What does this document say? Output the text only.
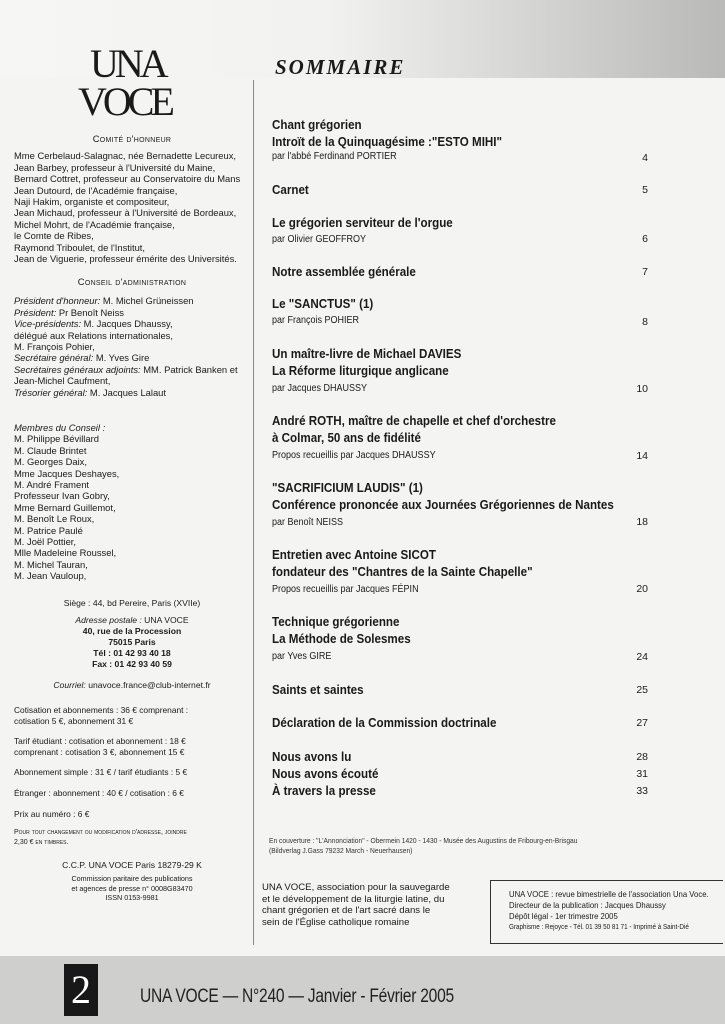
UNA
VOCE
SOMMAIRE
Comité d'honneur
Mme Cerbelaud-Salagnac, née Bernadette Lecureux,
Jean Barbey, professeur à l'Université du Maine,
Bernard Cottret, professeur au Conservatoire du Mans
Jean Dutourd, de l'Académie française,
Naji Hakim, organiste et compositeur,
Jean Michaud, professeur à l'Université de Bordeaux,
Michel Mohrt, de l'Académie française,
le Comte de Ribes,
Raymond Triboulet, de l'Institut,
Jean de Viguerie, professeur émérite des Universités.
Conseil d'administration
Président d'honneur: M. Michel Grüneissen
Président: Pr Benoît Neiss
Vice-présidents: M. Jacques Dhaussy,
délégué aux Relations internationales,
M. François Pohier,
Secrétaire général: M. Yves Gire
Secrétaires généraux adjoints: MM. Patrick Banken et
Jean-Michel Caufment,
Trésorier général: M. Jacques Lalaut
Membres du Conseil :
M. Philippe Bévillard
M. Claude Brintet
M. Georges Daix,
Mme Jacques Deshayes,
M. André Frament
Professeur Ivan Gobry,
Mme Bernard Guillemot,
M. Benoît Le Roux,
M. Patrice Paulé
M. Joël Pottier,
Mlle Madeleine Roussel,
M. Michel Tauran,
M. Jean Vauloup,
Siège : 44, bd Pereire, Paris (XVIIe)
Adresse postale : UNA VOCE
40, rue de la Procession
75015 Paris
Tél : 01 42 93 40 18
Fax : 01 42 93 40 59
Courriel: unavoce.france@club-internet.fr
Cotisation et abonnements : 36 € comprenant :
cotisation 5 €, abonnement 31 €
Tarif étudiant : cotisation et abonnement : 18 €
comprenant : cotisation 3 €, abonnement 15 €
Abonnement simple : 31 € / tarif étudiants : 5 €
Étranger : abonnement : 40 € / cotisation : 6 €
Prix au numéro : 6 €
Pour tout changement ou modification d'adresse, joindre
2,30 € en timbres.
C.C.P. UNA VOCE Paris 18279-29 K
Commission paritaire des publications
et agences de presse n° 0008G83470
ISSN 0153-9981
Chant grégorien
Introït de la Quinquagésime :"ESTO MIHI"
par l'abbé Ferdinand PORTIER	4
Carnet	5
Le grégorien serviteur de l'orgue
par Olivier GEOFFROY	6
Notre assemblée générale	7
Le "SANCTUS" (1)
par François POHIER	8
Un maître-livre de Michael DAVIES
La Réforme liturgique anglicane
par Jacques DHAUSSY	10
André ROTH, maître de chapelle et chef d'orchestre
à Colmar, 50 ans de fidélité
Propos recueillis par Jacques DHAUSSY	14
"SACRIFICIUM LAUDIS" (1)
Conférence prononcée aux Journées Grégoriennes de Nantes
par Benoît NEISS	18
Entretien avec Antoine SICOT
fondateur des "Chantres de la Sainte Chapelle"
Propos recueillis par Jacques FÉPIN	20
Technique grégorienne
La Méthode de Solesmes
par Yves GIRE	24
Saints et saintes	25
Déclaration de la Commission doctrinale	27
Nous avons lu	28
Nous avons écouté	31
À travers la presse	33
En couverture : "L'Annonciation" - Obermein 1420 - 1430 - Musée des Augustins de Fribourg-en-Brisgau
(Bildverlag J.Gass 79232 March - Neuerhausen)
UNA VOCE, association pour la sauvegarde
et le développement de la liturgie latine, du
chant grégorien et de l'art sacré dans le
sein de l'Église catholique romaine
UNA VOCE : revue bimestrielle de l'association Una Voce.
Directeur de la publication : Jacques Dhaussy
Dépôt légal - 1er trimestre 2005
Graphisme : Rejoyce - Tél. 01 39 50 81 71 - Imprimé à Saint-Dié
2	UNA VOCE — N°240 — Janvier - Février 2005
